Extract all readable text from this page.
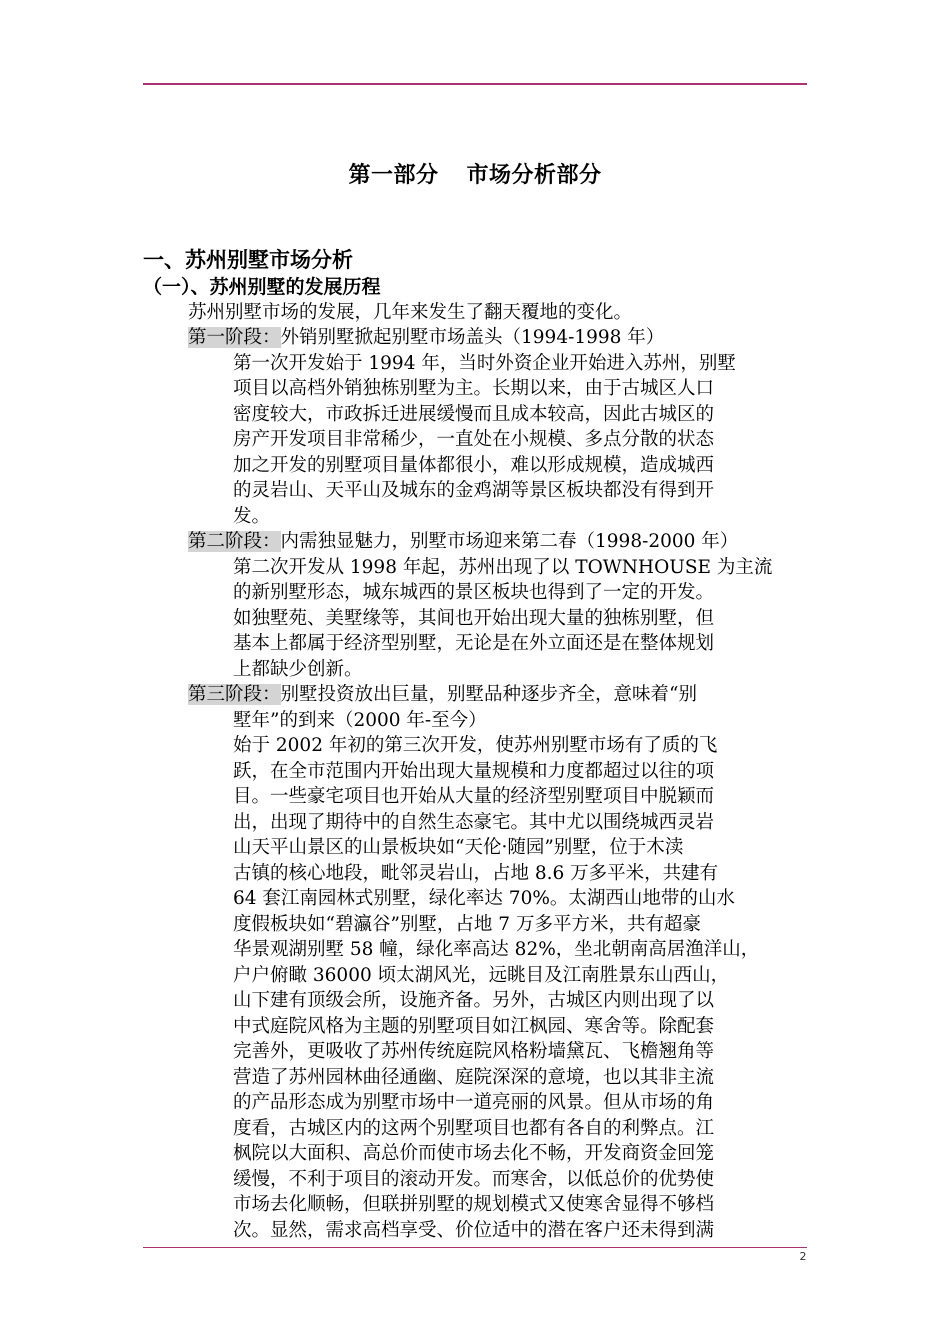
第一部分 市场分析部分
一、苏州别墅市场分析
（一）、苏州别墅的发展历程

苏州别墅市场的发展，几年来发生了翻天覆地的变化。

第一阶段：外销别墅掀起别墅市场盖头（1994-1998 年）
第一次开发始于 1994 年，当时外资企业开始进入苏州，别墅
项目以高档外销独栋别墅为主。长期以来，由于古城区人口
密度较大，市政拆迁进展缓慢而且成本较高，因此古城区的
房产开发项目非常稀少，一直处在小规模、多点分散的状态
加之开发的别墅项目量体都很小，难以形成规模，造成城西
的灵岩山、天平山及城东的金鸡湖等景区板块都没有得到开
发。
第二阶段：内需独显魅力，别墅市场迎来第二春（1998-2000 年）
第二次开发从 1998 年起，苏州出现了以 TOWNHOUSE 为主流
的新别墅形态，城东城西的景区板块也得到了一定的开发。
如独墅苑、美墅缘等，其间也开始出现大量的独栋别墅，但
基本上都属于经济型别墅，无论是在外立面还是在整体规划
上都缺少创新。
第三阶段：别墅投资放出巨量，别墅品种逐步齐全，意味着“别
墅年”的到来（2000 年-至今）
始于 2002 年初的第三次开发，使苏州别墅市场有了质的飞
跃，在全市范围内开始出现大量规模和力度都超过以往的项
目。一些豪宅项目也开始从大量的经济型别墅项目中脱颖而
出，出现了期待中的自然生态豪宅。其中尤以围绕城西灵岩
山天平山景区的山景板块如“天伦·随园”别墅，位于木渎
古镇的核心地段，毗邻灵岩山，占地 8.6 万多平米，共建有
64 套江南园林式别墅，绿化率达 70%。太湖西山地带的山水
度假板块如“碧瀛谷”别墅，占地 7 万多平方米，共有超豪
华景观湖别墅 58 幢，绿化率高达 82%，坐北朝南高居渔洋山，
户户俯瞰 36000 顷太湖风光，远眺目及江南胜景东山西山，
山下建有顶级会所，设施齐备。另外，古城区内则出现了以
中式庭院风格为主题的别墅项目如江枫园、寒舍等。除配套
完善外，更吸收了苏州传统庭院风格粉墙黛瓦、飞檐翘角等
营造了苏州园林曲径通幽、庭院深深的意境，也以其非主流
的产品形态成为别墅市场中一道亮丽的风景。但从市场的角
度看，古城区内的这两个别墅项目也都有各自的利弊点。江
枫院以大面积、高总价而使市场去化不畅，开发商资金回笼
缓慢，不利于项目的滚动开发。而寒舍，以低总价的优势使
市场去化顺畅，但联拼别墅的规划模式又使寒舍显得不够档
次。显然，需求高档享受、价位适中的潜在客户还未得到满
2
